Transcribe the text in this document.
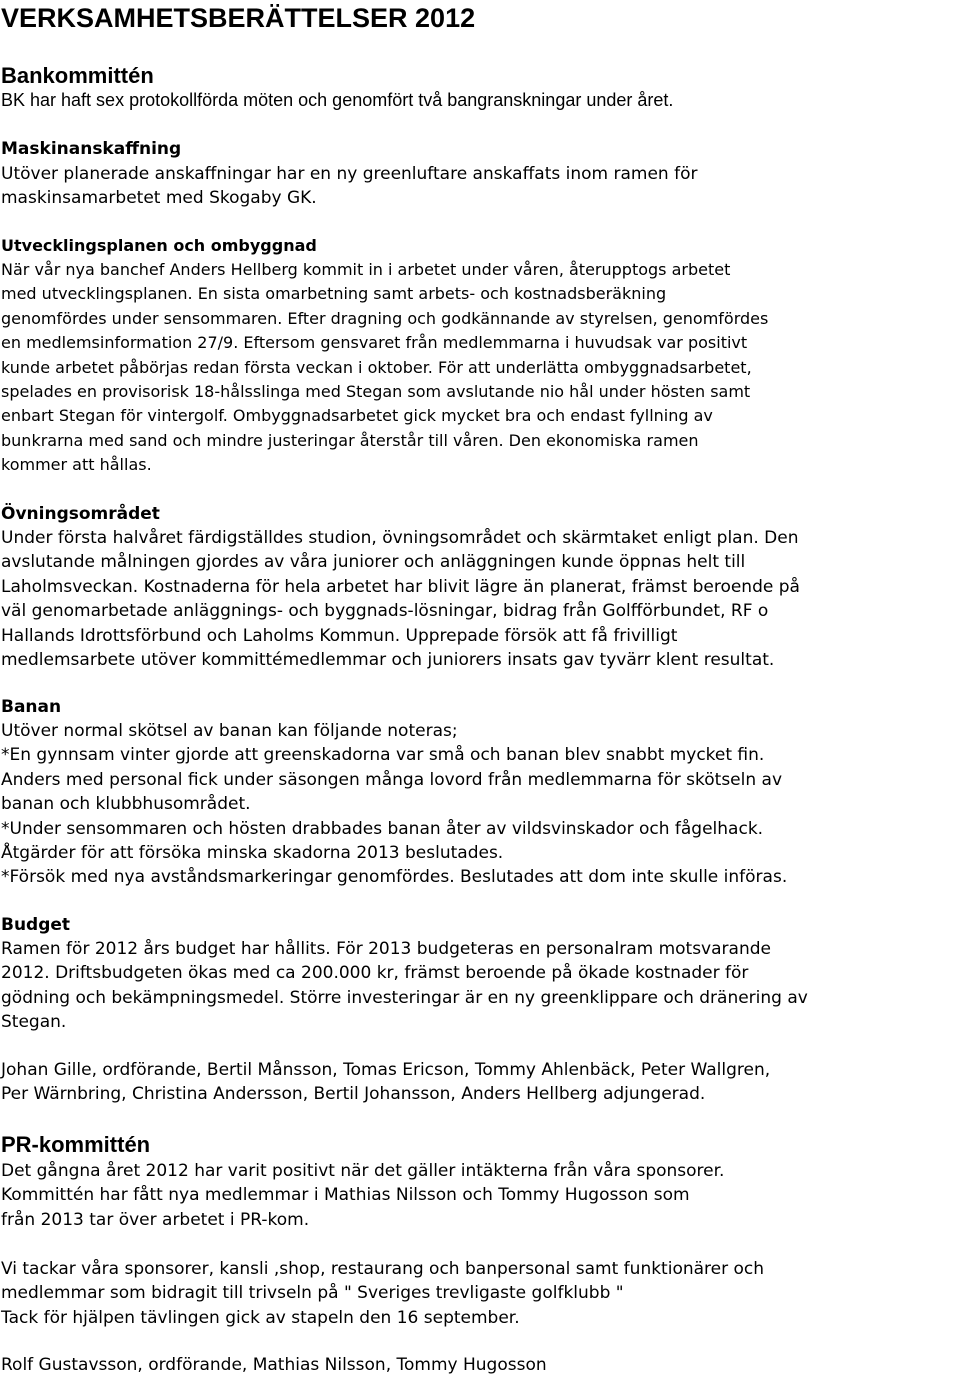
VERKSAMHETSBERÄTTELSER 2012
Bankommittén

BK har haft sex protokollförda möten och genomfört två bangranskningar under året.

Maskinanskaffning
Utöver planerade anskaffningar har en ny greenluftare anskaffats inom ramen för
maskinsamarbetet med Skogaby GK.
Utvecklingsplanen och ombyggnad
När vår nya banchef Anders Hellberg kommit in i arbetet under våren, återupptogs arbetet
med utvecklingsplanen. En sista omarbetning samt arbets- och kostnadsberäkning
genomfördes under sensommaren. Efter dragning och godkännande av styrelsen, genomfördes
en medlemsinformation 27/9. Eftersom gensvaret från medlemmarna i huvudsak var positivt
kunde arbetet påbörjas redan första veckan i oktober. För att underlätta ombyggnadsarbetet,
spelades en provisorisk 18-hålsslinga med Stegan som avslutande nio hål under hösten samt
enbart Stegan för vintergolf. Ombyggnadsarbetet gick mycket bra och endast fyllning av
bunkrarna med sand och mindre justeringar återstår till våren. Den ekonomiska ramen
kommer att hållas.
Övningsområdet
Under första halvåret färdigställdes studion, övningsområdet och skärmtaket enligt plan. Den
avslutande målningen gjordes av våra juniorer och anläggningen kunde öppnas helt till
Laholmsveckan. Kostnaderna för hela arbetet har blivit lägre än planerat, främst beroende på
väl genomarbetade anläggnings- och byggnads-lösningar, bidrag från Golfförbundet, RF o
Hallands Idrottsförbund och Laholms Kommun. Upprepade försök att få frivilligt
medlemsarbete utöver kommittémedlemmar och juniorers insats gav tyvärr klent resultat.
Banan
Utöver normal skötsel av banan kan följande noteras;
*En gynnsam vinter gjorde att greenskadorna var små och banan blev snabbt mycket fin.
Anders med personal fick under säsongen många lovord från medlemmarna för skötseln av
banan och klubbhusområdet.
*Under sensommaren och hösten drabbades banan åter av vildsvinskador och fågelhack.
Åtgärder för att försöka minska skadorna 2013 beslutades.
*Försök med nya avståndsmarkeringar genomfördes. Beslutades att dom inte skulle införas.
Budget
Ramen för 2012 års budget har hållits. För 2013 budgeteras en personalram motsvarande
2012. Driftsbudgeten ökas med ca 200.000 kr, främst beroende på ökade kostnader för
gödning och bekämpningsmedel. Större investeringar är en ny greenklippare och dränering av
Stegan.
Johan Gille, ordförande, Bertil Månsson, Tomas Ericson, Tommy Ahlenbäck, Peter Wallgren,
Per Wärnbring, Christina Andersson, Bertil Johansson, Anders Hellberg adjungerad.
PR-kommittén
Det gångna året 2012 har varit positivt när det gäller intäkterna från våra sponsorer.
Kommittén har fått nya medlemmar i Mathias Nilsson och Tommy Hugosson som
från 2013 tar över arbetet i PR-kom.
Vi tackar våra sponsorer, kansli ,shop, restaurang och banpersonal samt funktionärer och
medlemmar som bidragit till trivseln på " Sveriges trevligaste golfklubb "
Tack för hjälpen tävlingen gick av stapeln den 16 september.

Rolf Gustavsson, ordförande, Mathias Nilsson, Tommy Hugosson
